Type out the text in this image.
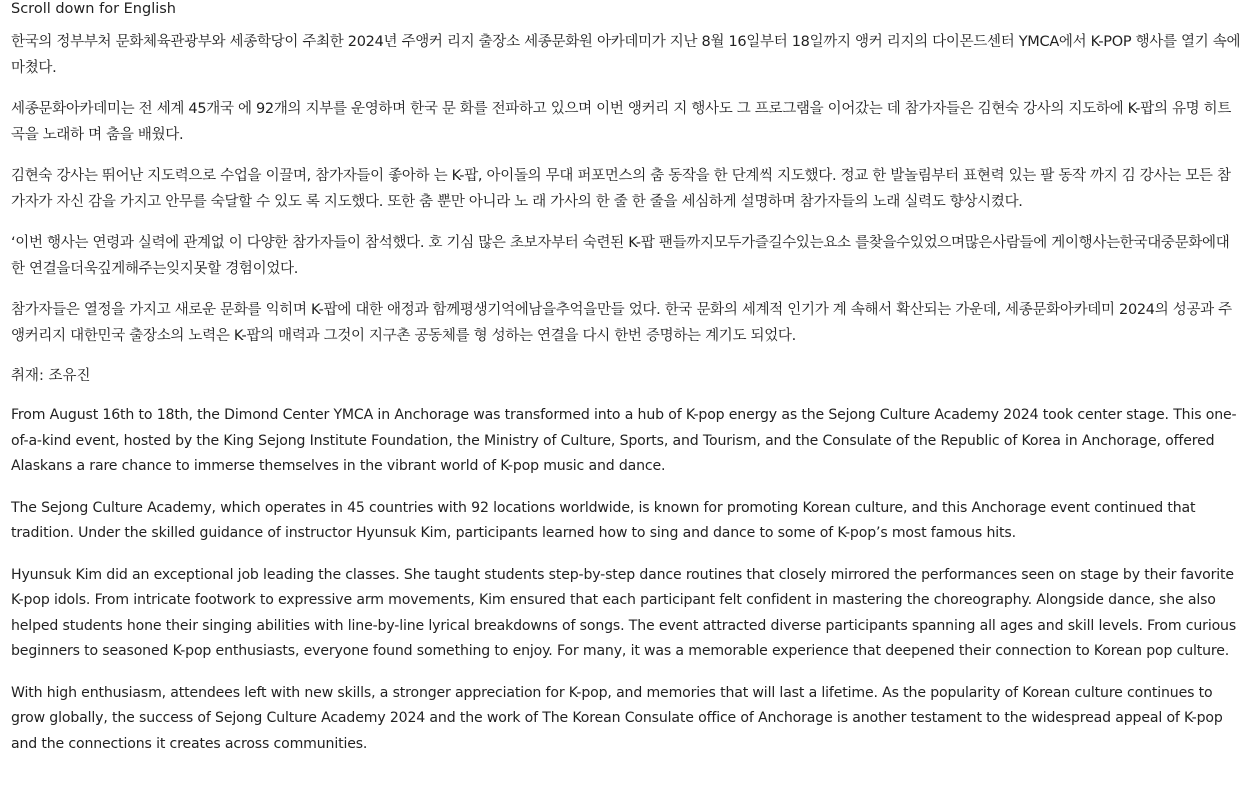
Scroll down for English

한국의 정부부처 문화체육관광부와 세종학당이 주최한 2024년 주앵커 리지 출장소 세종문화원 아카데미가 지난 8월 16일부터 18일까지 앵커 리지의 다이몬드센터 YMCA에서 K-POP 행사를 열기 속에 마쳤다.

세종문화아카데미는 전 세계 45개국 에 92개의 지부를 운영하며 한국 문 화를 전파하고 있으며 이번 앵커리 지 행사도 그 프로그램을 이어갔는 데 참가자들은 김현숙 강사의 지도하에 K-팝의 유명 히트곡을 노래하 며 춤을 배웠다.

김현숙 강사는 뛰어난 지도력으로 수업을 이끌며, 참가자들이 좋아하 는 K-팝, 아이돌의 무대 퍼포먼스의 춤 동작을 한 단계씩 지도했다. 정교 한 발놀림부터 표현력 있는 팔 동작 까지 김 강사는 모든 참가자가 자신 감을 가지고 안무를 숙달할 수 있도 록 지도했다. 또한 춤 뿐만 아니라 노 래 가사의 한 줄 한 줄을 세심하게 설명하며 참가자들의 노래 실력도 향상시켰다.

‘이번 행사는 연령과 실력에 관계없 이 다양한 참가자들이 참석했다. 호 기심 많은 초보자부터 숙련된 K-팝 팬들까지모두가즐길수있는요소 를찾을수있었으며많은사람들에 게이행사는한국대중문화에대한 연결을더욱깊게해주는잊지못할 경험이었다.

참가자들은 열정을 가지고 새로운 문화를 익히며 K-팝에 대한 애정과 함께평생기억에남을추억을만들 었다. 한국 문화의 세계적 인기가 계 속해서 확산되는 가운데, 세종문화아카데미 2024의 성공과 주 앵커리지 대한민국 출장소의 노력은 K-팝의 매력과 그것이 지구촌 공동체를 형 성하는 연결을 다시 한번 증명하는 계기도 되었다.

취재: 조유진

From August 16th to 18th, the Dimond Center YMCA in Anchorage was transformed into a hub of K-pop energy as the Sejong Culture Academy 2024 took center stage. This one-of-a-kind event, hosted by the King Sejong Institute Foundation, the Ministry of Culture, Sports, and Tourism, and the Consulate of the Republic of Korea in Anchorage, offered Alaskans a rare chance to immerse themselves in the vibrant world of K-pop music and dance.

The Sejong Culture Academy, which operates in 45 countries with 92 locations worldwide, is known for promoting Korean culture, and this Anchorage event continued that tradition. Under the skilled guidance of instructor Hyunsuk Kim, participants learned how to sing and dance to some of K-pop’s most famous hits.

Hyunsuk Kim did an exceptional job leading the classes. She taught students step-by-step dance routines that closely mirrored the performances seen on stage by their favorite K-pop idols. From intricate footwork to expressive arm movements, Kim ensured that each participant felt confident in mastering the choreography. Alongside dance, she also helped students hone their singing abilities with line-by-line lyrical breakdowns of songs. The event attracted diverse participants spanning all ages and skill levels. From curious beginners to seasoned K-pop enthusiasts, everyone found something to enjoy. For many, it was a memorable experience that deepened their connection to Korean pop culture.

With high enthusiasm, attendees left with new skills, a stronger appreciation for K-pop, and memories that will last a lifetime. As the popularity of Korean culture continues to grow globally, the success of Sejong Culture Academy 2024 and the work of The Korean Consulate office of Anchorage is another testament to the widespread appeal of K-pop and the connections it creates across communities.
